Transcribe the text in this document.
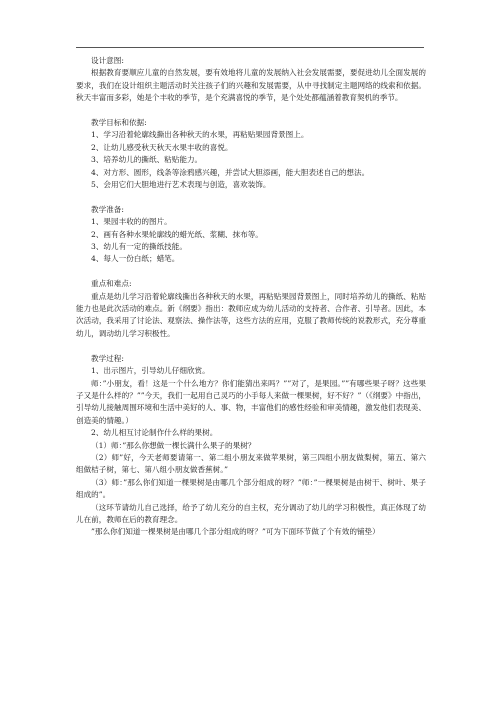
设计意图:

根据教育要顺应儿童的自然发展，要有效地将儿童的发展纳入社会发展需要，要促进幼儿全面发展的要求，我们在设计组织主题活动时关注孩子们的兴趣和发展需要，从中寻找制定主题网络的线索和依据。秋天丰富而多彩，她是个丰收的季节，是个充满喜悦的季节，是个处处都蕴涵着教育契机的季节。

教学目标和依据:

1、学习沿着轮廓线撕出各种秋天的水果，再粘贴果园背景图上。

2、让幼儿感受秋天秋天水果丰收的喜悦。

3、培养幼儿的撕纸、粘贴能力。

4、对方形、圆形，线条等涂鸦感兴趣，并尝试大胆添画，能大胆表述自己的想法。

5、会用它们大胆地进行艺术表现与创造，喜欢装饰。

教学准备:

1、果园丰收的的图片。

2、画有各种水果轮廓线的蜡光纸、浆糊、抹布等。

3、幼儿有一定的撕纸技能。

4、每人一份白纸；蜡笔。

重点和难点:

重点是幼儿学习沿着轮廓线撕出各种秋天的水果，再粘贴果园背景图上，同时培养幼儿的撕纸、粘贴能力也是此次活动的难点。新《纲要》指出：教师应成为幼儿活动的支持者、合作者、引导者。因此，本次活动，我采用了讨论法、观察法、操作法等，这些方法的应用，克服了教师传统的说教形式，充分尊重幼儿，调动幼儿学习积极性。

教学过程:

1、出示图片，引导幼儿仔细欣赏。

师：”小朋友，看！这是一个什么地方？你们能猜出来吗？””对了，是果园。””有哪些果子呀？这些果子又是什么样的？””今天，我们一起用自己灵巧的小手每人来做一棵果树，好不好？”（《纲要》中指出，引导幼儿接触周围环境和生活中美好的人、事、物，丰富他们的感性经验和审美情趣，激发他们表现美、创造美的情趣。）

2、幼儿相互讨论制作什么样的果树。

（1）师：”那么你想做一棵长满什么果子的果树？

（2）师”好，今天老师要请第一、第二组小朋友来做苹果树，第三四组小朋友做梨树，第五、第六组做桔子树，第七、第八组小朋友做香蕉树。”

（3）师：”那么你们知道一棵果树是由哪几个部分组成的呀？”师：”一棵果树是由树干、树叶、果子组成的”。

（这环节请幼儿自己选择，给予了幼儿充分的自主权，充分调动了幼儿的学习积极性，真正体现了幼儿在前，教师在后的教育理念。

”那么你们知道一棵果树是由哪几个部分组成的呀？”可为下面环节做了个有效的铺垫）
